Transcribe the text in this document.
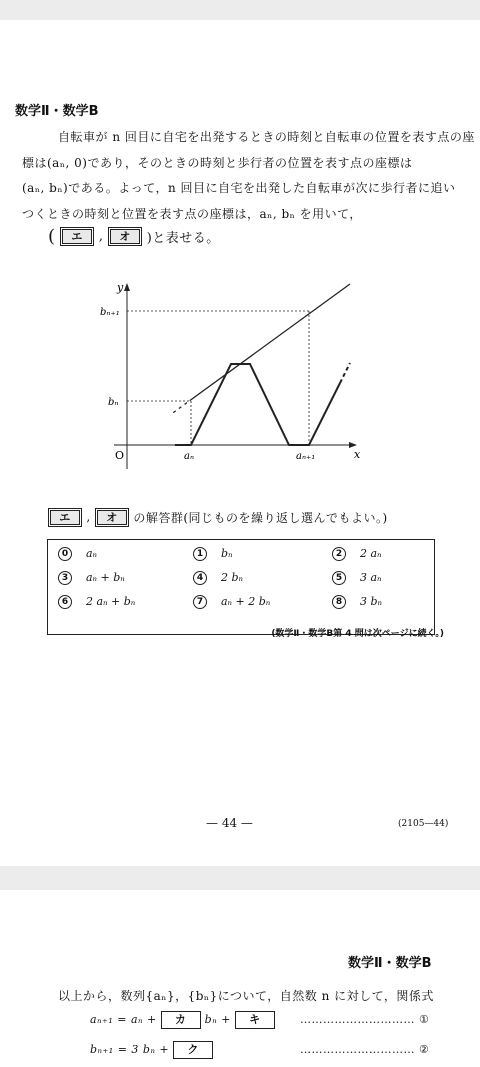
数学Ⅱ・数学B
自転車が n 回目に自宅を出発するときの時刻と自転車の位置を表す点の座
標は(aₙ, 0)であり，そのときの時刻と歩行者の位置を表す点の座標は
(aₙ, bₙ)である。よって，n 回目に自宅を出発した自転車が次に歩行者に追い
つくときの時刻と位置を表す点の座標は，aₙ, bₙ を用いて，
( エ , オ )と表せる。
y
x
O
bₙ₊₁
bₙ
aₙ	aₙ₊₁
エ , オ の解答群(同じものを繰り返し選んでもよい。)
0 aₙ	1 bₙ	2 2 aₙ
3 aₙ + bₙ	4 2 bₙ	5 3 aₙ
6 2 aₙ + bₙ	7 aₙ + 2 bₙ	8 3 bₙ
(数学Ⅱ・数学B第 4 問は次ページに続く。)
— 44 —	(2105—44)
数学Ⅱ・数学B
以上から，数列{aₙ}，{bₙ}について，自然数 n に対して，関係式
aₙ₊₁ = aₙ + カ bₙ + キ	………………………… ①
bₙ₊₁ = 3 bₙ + ク	………………………… ②
